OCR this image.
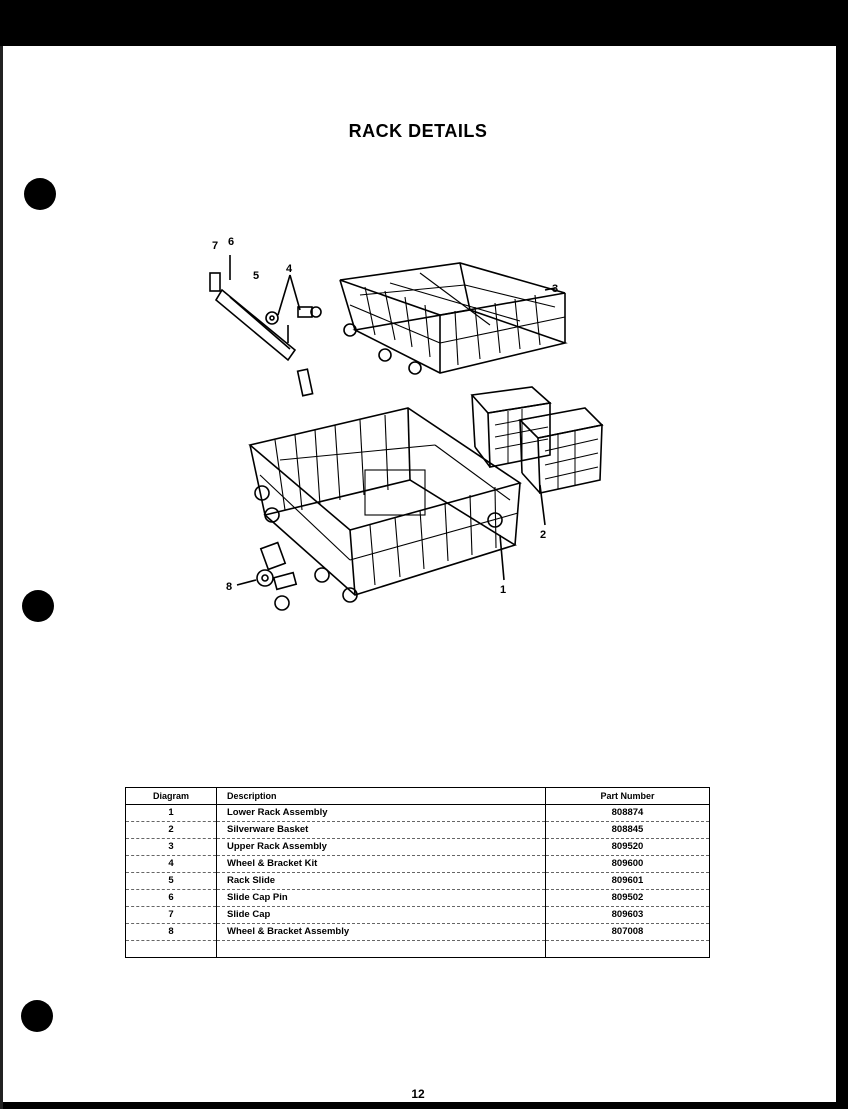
RACK DETAILS
7 6
5
4
3
2
1
8
Diagram	Description	Part Number
1	Lower Rack Assembly	808874
2	Silverware Basket	808845
3	Upper Rack Assembly	809520
4	Wheel & Bracket Kit	809600
5	Rack Slide	809601
6	Slide Cap Pin	809502
7	Slide Cap	809603
8	Wheel & Bracket Assembly	807008

12
